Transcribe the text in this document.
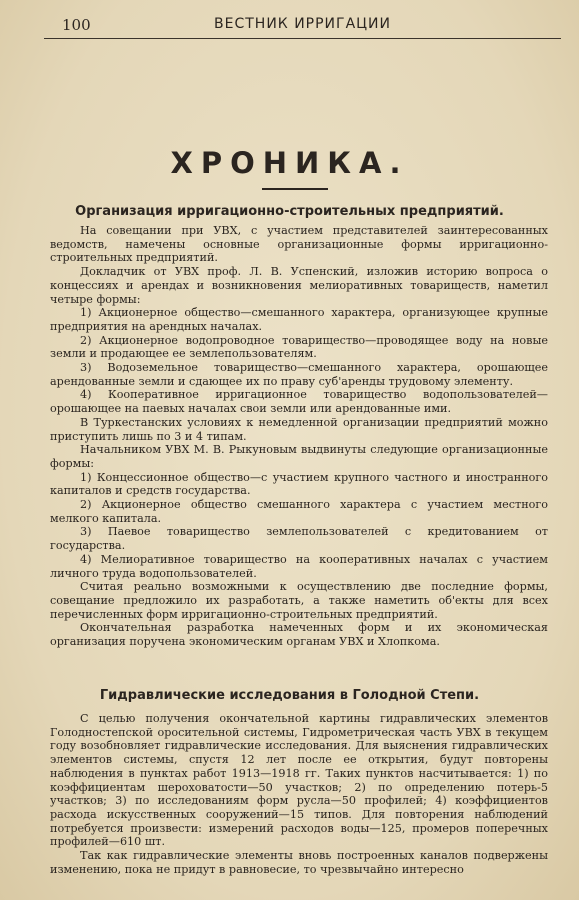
100	ВЕСТНИК ИРРИГАЦИИ
ХРОНИКА.
Организация ирригационно-строительных предприятий.

На совещании при УВХ, с участием представителей заинтересованных ведомств, намечены основные организационные формы ирригационно-строительных предприятий.

Докладчик от УВХ проф. Л. В. Успенский, изложив историю вопроса о концессиях и арендах и возникновения мелиоративных товариществ, наметил четыре формы:

1) Акционерное общество—смешанного характера, организующее крупные предприятия на арендных началах.

2) Акционерное водопроводное товарищество—проводящее воду на новые земли и продающее ее землепользователям.

3) Водоземельное товарищество—смешанного характера, орошающее арендованные земли и сдающее их по праву суб'аренды трудовому элементу.

4) Кооперативное ирригационное товарищество водопользователей—орошающее на паевых началах свои земли или арендованные ими.

В Туркестанских условиях к немедленной организации предприятий можно приступить лишь по 3 и 4 типам.

Начальником УВХ М. В. Рыкуновым выдвинуты следующие организационные формы:

1) Концессионное общество—с участием крупного частного и иностранного капиталов и средств государства.

2) Акционерное общество смешанного характера с участием местного мелкого капитала.

3) Паевое товарищество землепользователей с кредитованием от государства.

4) Мелиоративное товарищество на кооперативных началах с участием личного труда водопользователей.

Считая реально возможными к осуществлению две последние формы, совещание предложило их разработать, а также наметить об'екты для всех перечисленных форм ирригационно-строительных предприятий.

Окончательная разработка намеченных форм и их экономическая организация поручена экономическим органам УВХ и Хлопкома.

Гидравлические исследования в Голодной Степи.

С целью получения окончательной картины гидравлических элементов Голодностепской оросительной системы, Гидрометрическая часть УВХ в текущем году возобновляет гидравлические исследования. Для выяснения гидравлических элементов системы, спустя 12 лет после ее открытия, будут повторены наблюдения в пунктах работ 1913—1918 гг. Таких пунктов насчитывается: 1) по коэффициентам шероховатости—50 участков; 2) по определению потерь-5 участков; 3) по исследованиям форм русла—50 профилей; 4) коэффициентов расхода искусственных сооружений—15 типов. Для повторения наблюдений потребуется произвести: измерений расходов воды—125, промеров поперечных профилей—610 шт.

Так как гидравлические элементы вновь построенных каналов подвержены изменению, пока не придут в равновесие, то чрезвычайно интересно
